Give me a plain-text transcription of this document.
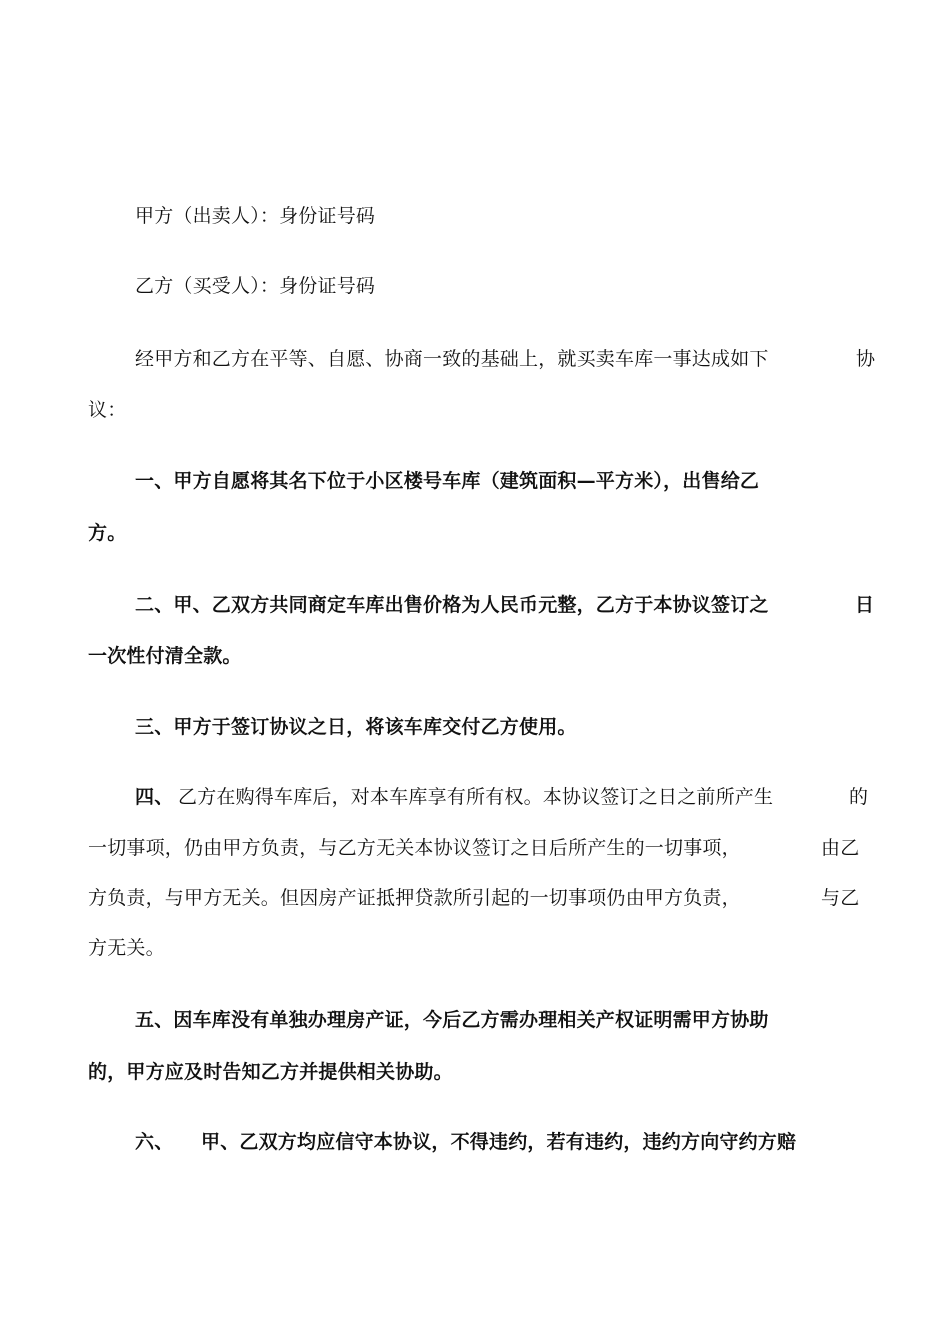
甲方（出卖人）：身份证号码
乙方（买受人）：身份证号码
经甲方和乙方在平等、自愿、协商一致的基础上，就买卖车库一事达成如下	协
议：
一、甲方自愿将其名下位于小区楼号车库（建筑面积—平方米），出售给乙
方。
二、甲、乙双方共同商定车库出售价格为人民币元整，乙方于本协议签订之	日
一次性付清全款。
三、甲方于签订协议之日，将该车库交付乙方使用。
四、 乙方在购得车库后，对本车库享有所有权。本协议签订之日之前所产生	的
一切事项，仍由甲方负责，与乙方无关本协议签订之日后所产生的一切事项，	由乙
方负责，与甲方无关。但因房产证抵押贷款所引起的一切事项仍由甲方负责，	与乙
方无关。
五、因车库没有单独办理房产证，今后乙方需办理相关产权证明需甲方协助
的，甲方应及时告知乙方并提供相关协助。
六、 甲、乙双方均应信守本协议，不得违约，若有违约，违约方向守约方赔
